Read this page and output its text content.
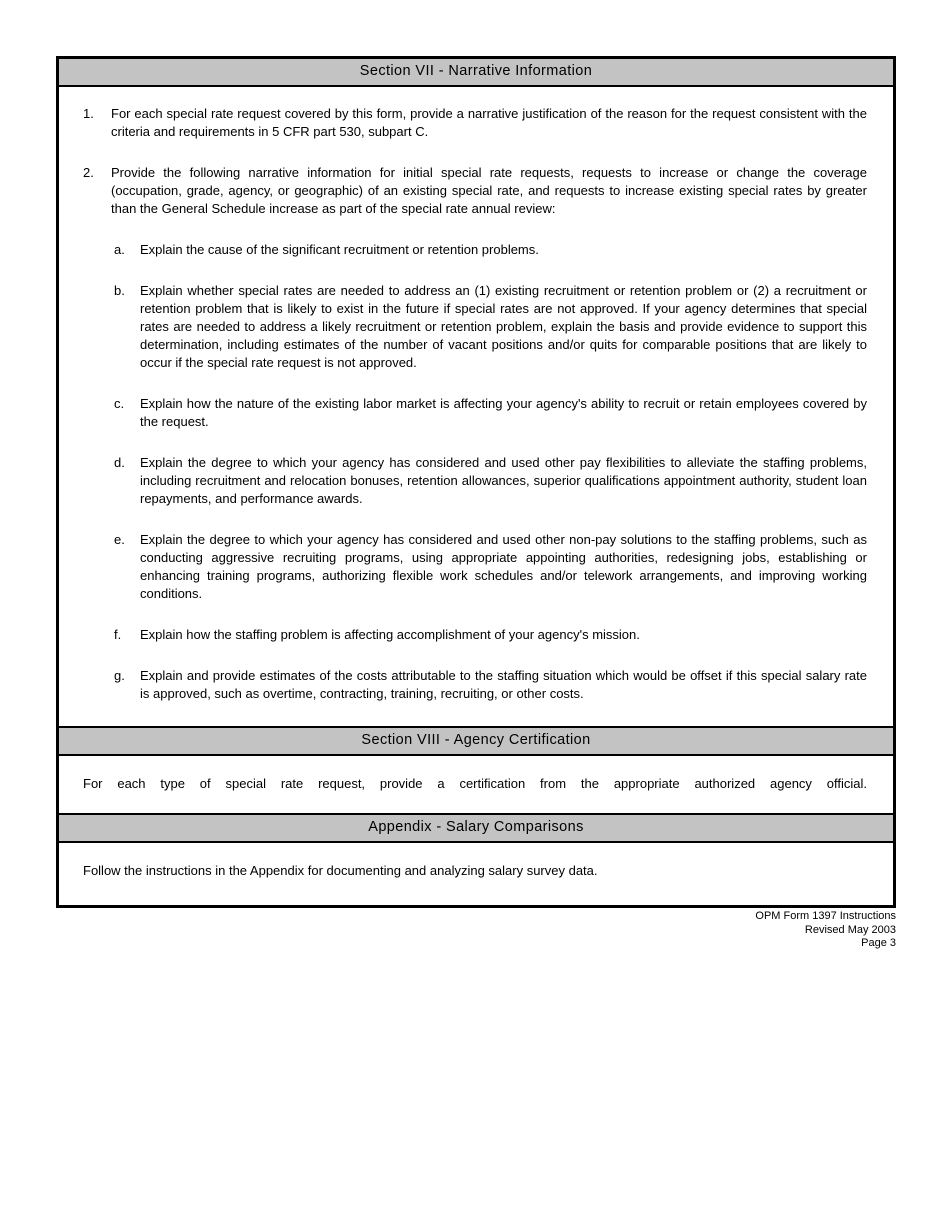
Section VII - Narrative Information
1.	For each special rate request covered by this form, provide a narrative justification of the reason for the request consistent with the criteria and requirements in 5 CFR part 530, subpart C.

2.	Provide the following narrative information for initial special rate requests, requests to increase or change the coverage (occupation, grade, agency, or geographic) of an existing special rate, and requests to increase existing special rates by greater than the General Schedule increase as part of the special rate annual review:

a.	Explain the cause of the significant recruitment or retention problems.

b.	Explain whether special rates are needed to address an (1) existing recruitment or retention problem or (2) a recruitment or retention problem that is likely to exist in the future if special rates are not approved. If your agency determines that special rates are needed to address a likely recruitment or retention problem, explain the basis and provide evidence to support this determination, including estimates of the number of vacant positions and/or quits for comparable positions that are likely to occur if the special rate request is not approved.

c.	Explain how the nature of the existing labor market is affecting your agency's ability to recruit or retain employees covered by the request.

d.	Explain the degree to which your agency has considered and used other pay flexibilities to alleviate the staffing problems, including recruitment and relocation bonuses, retention allowances, superior qualifications appointment authority, student loan repayments, and performance awards.

e.	Explain the degree to which your agency has considered and used other non-pay solutions to the staffing problems, such as conducting aggressive recruiting programs, using appropriate appointing authorities, redesigning jobs, establishing or enhancing training programs, authorizing flexible work schedules and/or telework arrangements, and improving working conditions.

f.	Explain how the staffing problem is affecting accomplishment of your agency's mission.

g.	Explain and provide estimates of the costs attributable to the staffing situation which would be offset if this special salary rate is approved, such as overtime, contracting, training, recruiting, or other costs.

Section VIII - Agency Certification

For each type of special rate request, provide a certification from the appropriate authorized agency official.

Appendix - Salary Comparisons

Follow the instructions in the Appendix for documenting and analyzing salary survey data.

OPM Form 1397 Instructions
Revised May 2003
Page 3
